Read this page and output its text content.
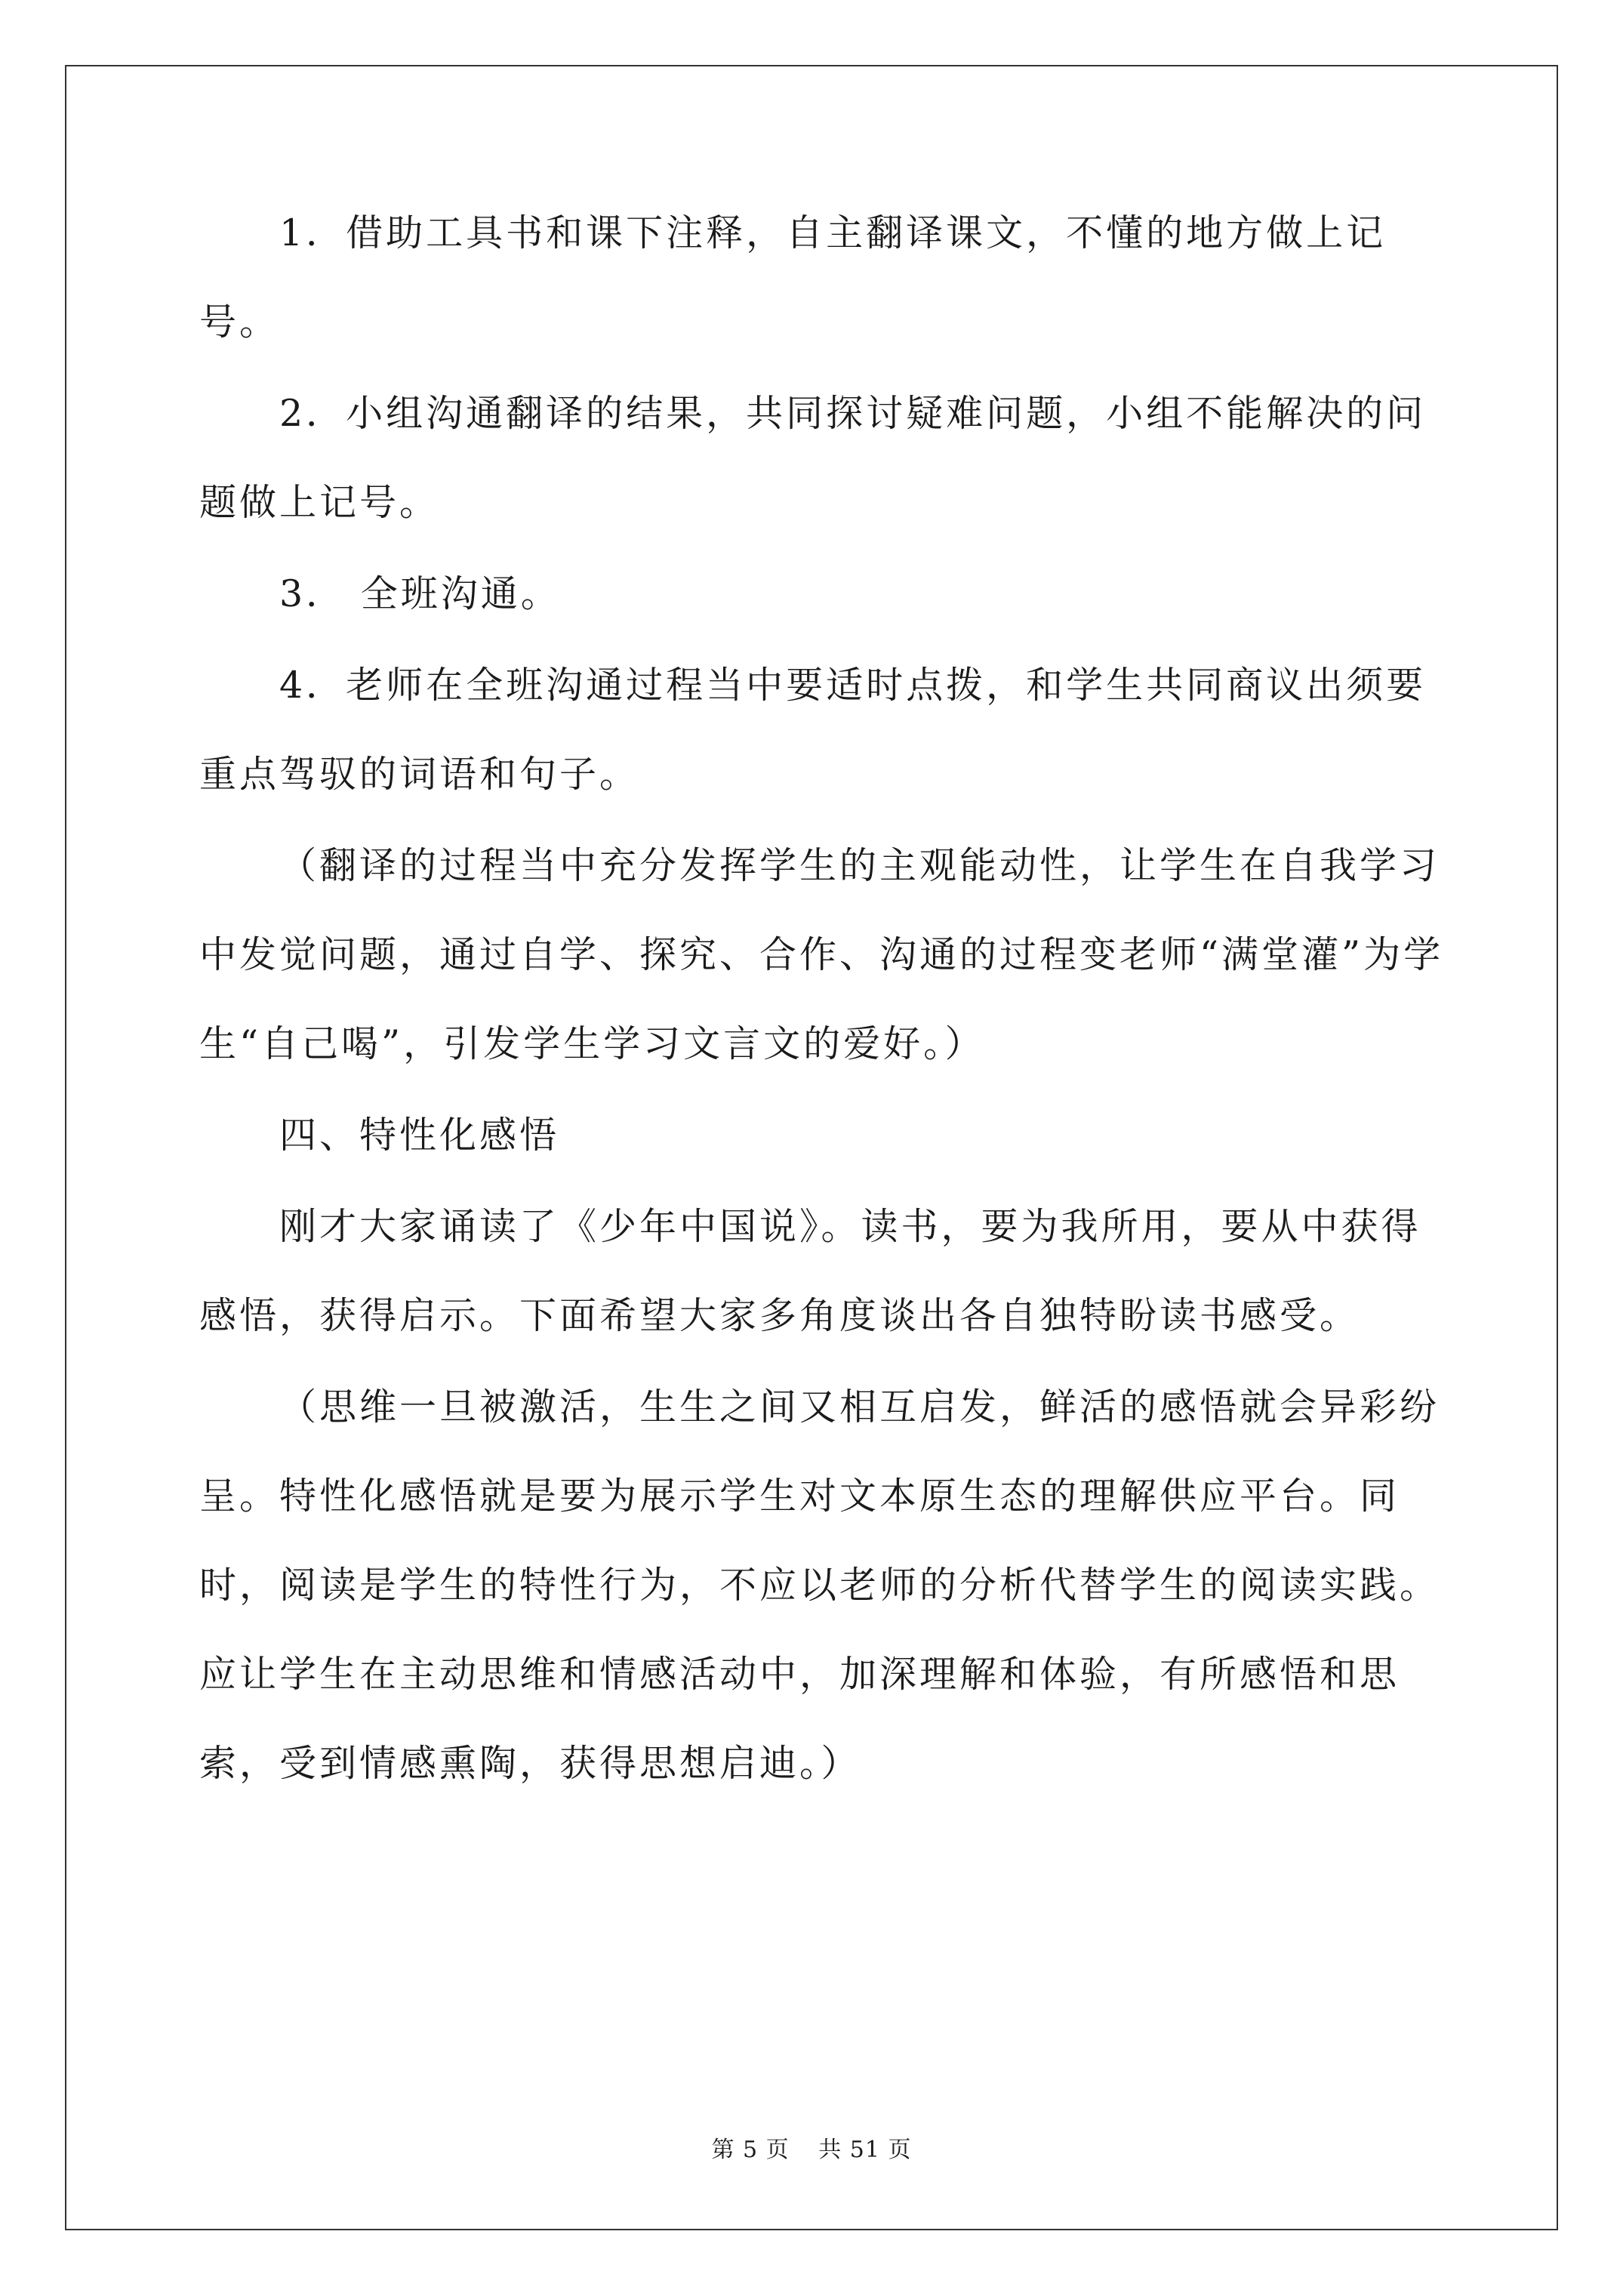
1．借助工具书和课下注释，自主翻译课文，不懂的地方做上记号。

2．小组沟通翻译的结果，共同探讨疑难问题，小组不能解决的问题做上记号。

3． 全班沟通。

4．老师在全班沟通过程当中要适时点拨，和学生共同商议出须要重点驾驭的词语和句子。

（翻译的过程当中充分发挥学生的主观能动性，让学生在自我学习中发觉问题，通过自学、探究、合作、沟通的过程变老师“满堂灌”为学生“自己喝”，引发学生学习文言文的爱好。）

四、特性化感悟

刚才大家诵读了《少年中国说》。读书，要为我所用，要从中获得感悟，获得启示。下面希望大家多角度谈出各自独特盼读书感受。

（思维一旦被激活，生生之间又相互启发，鲜活的感悟就会异彩纷呈。特性化感悟就是要为展示学生对文本原生态的理解供应平台。同时，阅读是学生的特性行为，不应以老师的分析代替学生的阅读实践。应让学生在主动思维和情感活动中，加深理解和体验，有所感悟和思索，受到情感熏陶，获得思想启迪。）

第 5 页 共 51 页
